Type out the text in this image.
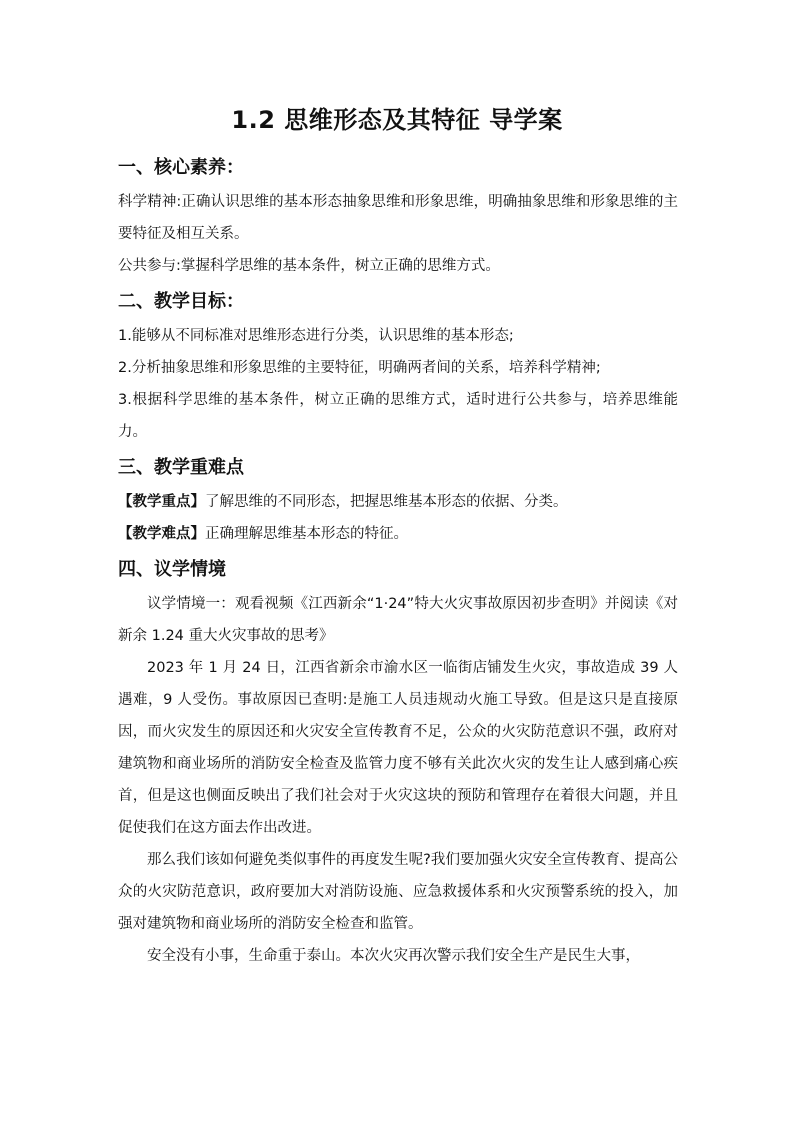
1.2 思维形态及其特征 导学案
一、核心素养：

科学精神:正确认识思维的基本形态抽象思维和形象思维，明确抽象思维和形象思维的主要特征及相互关系。

公共参与:掌握科学思维的基本条件，树立正确的思维方式。

二、教学目标：

1.能够从不同标准对思维形态进行分类，认识思维的基本形态;

2.分析抽象思维和形象思维的主要特征，明确两者间的关系，培养科学精神;

3.根据科学思维的基本条件，树立正确的思维方式，适时进行公共参与，培养思维能力。

三、教学重难点

【教学重点】了解思维的不同形态，把握思维基本形态的依据、分类。

【教学难点】正确理解思维基本形态的特征。

四、议学情境

议学情境一：观看视频《江西新余“1·24”特大火灾事故原因初步查明》并阅读《对新余 1.24 重大火灾事故的思考》

2023 年 1 月 24 日，江西省新余市渝水区一临街店铺发生火灾，事故造成 39 人遇难，9 人受伤。事故原因已查明:是施工人员违规动火施工导致。但是这只是直接原因，而火灾发生的原因还和火灾安全宣传教育不足，公众的火灾防范意识不强，政府对建筑物和商业场所的消防安全检查及监管力度不够有关此次火灾的发生让人感到痛心疾首，但是这也侧面反映出了我们社会对于火灾这块的预防和管理存在着很大问题，并且促使我们在这方面去作出改进。

那么我们该如何避免类似事件的再度发生呢?我们要加强火灾安全宣传教育、提高公众的火灾防范意识，政府要加大对消防设施、应急救援体系和火灾预警系统的投入，加强对建筑物和商业场所的消防安全检查和监管。

安全没有小事，生命重于泰山。本次火灾再次警示我们安全生产是民生大事，
